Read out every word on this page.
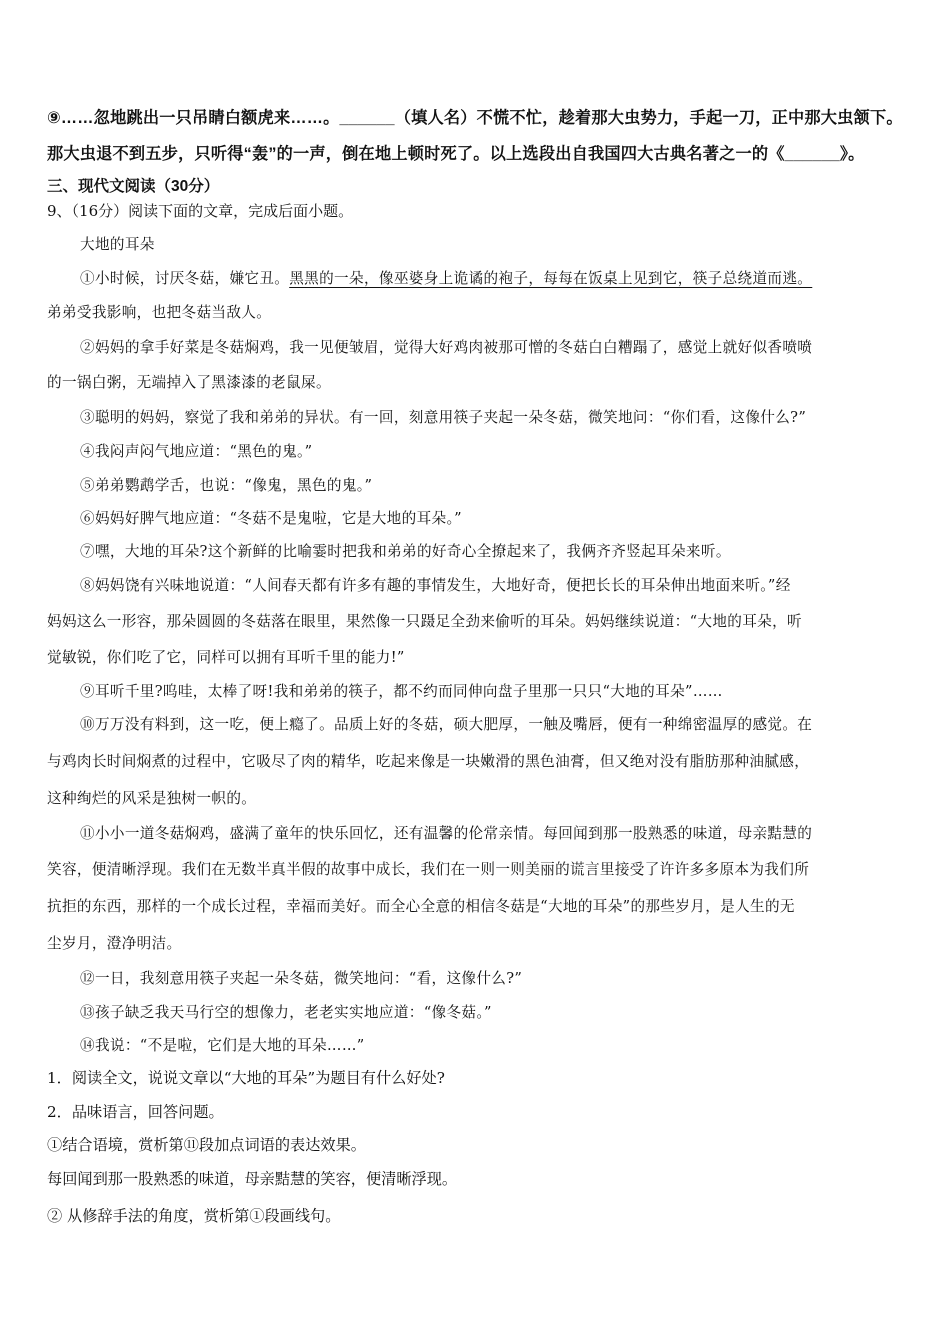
⑨……忽地跳出一只吊睛白额虎来……。______（填人名）不慌不忙，趁着那大虫势力，手起一刀，正中那大虫颔下。
那大虫退不到五步，只听得“轰”的一声，倒在地上顿时死了。以上选段出自我国四大古典名著之一的《______》。
三、现代文阅读（30分）
9、（16分）阅读下面的文章，完成后面小题。
大地的耳朵
①小时候，讨厌冬菇，嫌它丑。黑黑的一朵，像巫婆身上诡谲的袍子，每每在饭桌上见到它，筷子总绕道而逃。
弟弟受我影响，也把冬菇当敌人。
②妈妈的拿手好菜是冬菇焖鸡，我一见便皱眉，觉得大好鸡肉被那可憎的冬菇白白糟蹋了，感觉上就好似香喷喷
的一锅白粥，无端掉入了黑漆漆的老鼠屎。
③聪明的妈妈，察觉了我和弟弟的异状。有一回，刻意用筷子夹起一朵冬菇，微笑地问：“你们看，这像什么?”
④我闷声闷气地应道：“黑色的鬼。”
⑤弟弟鹦鹉学舌，也说：“像鬼，黑色的鬼。”
⑥妈妈好脾气地应道：“冬菇不是鬼啦，它是大地的耳朵。”
⑦嘿，大地的耳朵?这个新鲜的比喻霎时把我和弟弟的好奇心全撩起来了，我俩齐齐竖起耳朵来听。
⑧妈妈饶有兴味地说道：“人间春天都有许多有趣的事情发生，大地好奇，便把长长的耳朵伸出地面来听。”经
妈妈这么一形容，那朵圆圆的冬菇落在眼里，果然像一只蹑足全劲来偷听的耳朵。妈妈继续说道：“大地的耳朵，听
觉敏锐，你们吃了它，同样可以拥有耳听千里的能力!”
⑨耳听千里?呜哇，太棒了呀!我和弟弟的筷子，都不约而同伸向盘子里那一只只“大地的耳朵”……
⑩万万没有料到，这一吃，便上瘾了。品质上好的冬菇，硕大肥厚，一触及嘴唇，便有一种绵密温厚的感觉。在
与鸡肉长时间焖煮的过程中，它吸尽了肉的精华，吃起来像是一块嫩滑的黑色油膏，但又绝对没有脂肪那种油腻感，
这种绚烂的风采是独树一帜的。
⑪小小一道冬菇焖鸡，盛满了童年的快乐回忆，还有温馨的伦常亲情。每回闻到那一股熟悉的味道，母亲黠慧的
笑容，便清晰浮现。我们在无数半真半假的故事中成长，我们在一则一则美丽的谎言里接受了许许多多原本为我们所
抗拒的东西，那样的一个成长过程，幸福而美好。而全心全意的相信冬菇是“大地的耳朵”的那些岁月，是人生的无
尘岁月，澄净明洁。
⑫一日，我刻意用筷子夹起一朵冬菇，微笑地问：“看，这像什么?”
⑬孩子缺乏我天马行空的想像力，老老实实地应道：“像冬菇。”
⑭我说：“不是啦，它们是大地的耳朵……”
1．阅读全文，说说文章以“大地的耳朵”为题目有什么好处?
2．品味语言，回答问题。
①结合语境，赏析第⑪段加点词语的表达效果。
每回闻到那一股熟悉的味道，母亲黠慧的笑容，便清晰浮现。
② 从修辞手法的角度，赏析第①段画线句。
